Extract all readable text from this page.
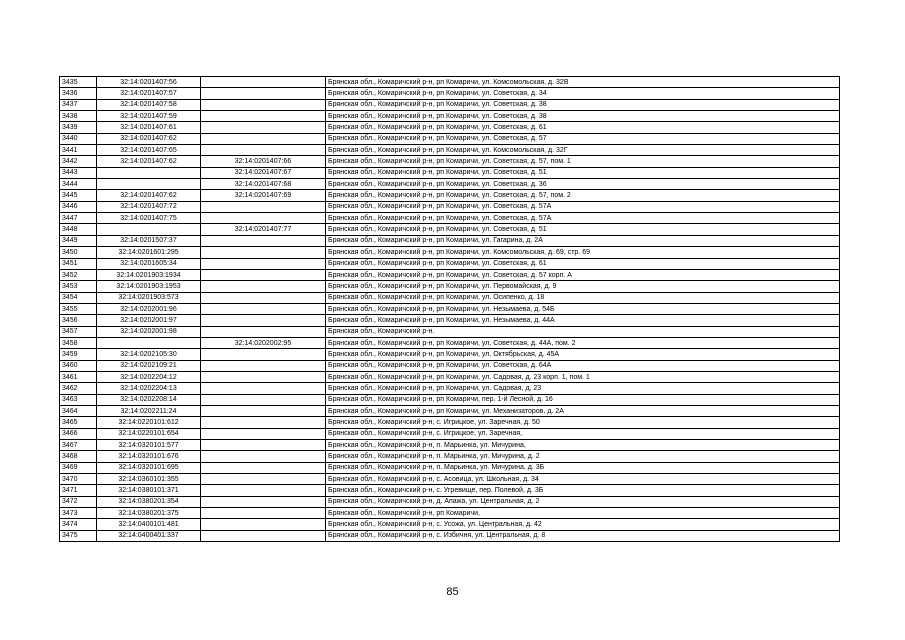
3435	32:14:0201407:56		Брянская обл., Комаричский р-н, рп Комаричи, ул. Комсомольская, д. 32В
3436	32:14:0201407:57		Брянская обл., Комаричский р-н, рп Комаричи, ул. Советская, д. 34
3437	32:14:0201407:58		Брянская обл., Комаричский р-н, рп Комаричи, ул. Советская, д. 38
3438	32:14:0201407:59		Брянская обл., Комаричский р-н, рп Комаричи, ул. Советская, д. 38
3439	32:14:0201407:61		Брянская обл., Комаричский р-н, рп Комаричи, ул. Советская, д. 61
3440	32:14:0201407:62		Брянская обл., Комаричский р-н, рп Комаричи, ул. Советская, д. 57
3441	32:14:0201407:65		Брянская обл., Комаричский р-н, рп Комаричи, ул. Комсомольская, д. 32Г
3442	32:14:0201407:62	32:14:0201407:66	Брянская обл., Комаричский р-н, рп Комаричи, ул. Советская, д. 57, пом. 1
3443		32:14:0201407:67	Брянская обл., Комаричский р-н, рп Комаричи, ул. Советская, д. 51
3444		32:14:0201407:68	Брянская обл., Комаричский р-н, рп Комаричи, ул. Советская, д. 36
3445	32:14:0201407:62	32:14:0201407:69	Брянская обл., Комаричский р-н, рп Комаричи, ул. Советская, д. 57, пом. 2
3446	32:14:0201407:72		Брянская обл., Комаричский р-н, рп Комаричи, ул. Советская, д. 57А
3447	32:14:0201407:75		Брянская обл., Комаричский р-н, рп Комаричи, ул. Советская, д. 57А
3448		32:14:0201407:77	Брянская обл., Комаричский р-н, рп Комаричи, ул. Советская, д. 51
3449	32:14:0201507:37		Брянская обл., Комаричский р-н, рп Комаричи, ул. Гагарина, д. 2А
3450	32:14:0201601:295		Брянская обл., Комаричский р-н, рп Комаричи, ул. Комсомольская, д. 69, стр. 69
3451	32:14:0201605:34		Брянская обл., Комаричский р-н, рп Комаричи, ул. Советская, д. 61
3452	32:14:0201903:1934		Брянская обл., Комаричский р-н, рп Комаричи, ул. Советская, д. 57 корп. А
3453	32:14:0201903:1953		Брянская обл., Комаричский р-н, рп Комаричи, ул. Первомайская, д. 9
3454	32:14:0201903:573		Брянская обл., Комаричский р-н, рп Комаричи, ул. Осипенко, д. 18
3455	32:14:0202001:96		Брянская обл., Комаричский р-н, рп Комаричи, ул. Незымаева, д. 54Б
3456	32:14:0202001:97		Брянская обл., Комаричский р-н, рп Комаричи, ул. Незымаева, д. 44А
3457	32:14:0202001:98		Брянская обл., Комаричский р-н.
3458		32:14:0202002:95	Брянская обл., Комаричский р-н, рп Комаричи, ул. Советская, д. 44А, пом. 2
3459	32:14:0202105:30		Брянская обл., Комаричский р-н, рп Комаричи, ул. Октябрьская, д. 45А
3460	32:14:0202109:21		Брянская обл., Комаричский р-н, рп Комаричи, ул. Советская, д. 64А
3461	32:14:0202204:12		Брянская обл., Комаричский р-н, рп Комаричи, ул. Садовая, д. 23 корп. 1, пом. 1
3462	32:14:0202204:13		Брянская обл., Комаричский р-н, рп Комаричи, ул. Садовая, д. 23
3463	32:14:0202208:14		Брянская обл., Комаричский р-н, рп Комаричи, пер. 1-й Лесной, д. 16
3464	32:14:0202211:24		Брянская обл., Комаричский р-н, рп Комаричи, ул. Механизаторов, д. 2А
3465	32:14:0220101:612		Брянская обл., Комаричский р-н, с. Игрицкое, ул. Заречная, д. 50
3466	32:14:0220101:654		Брянская обл., Комаричский р-н, с. Игрицкое, ул. Заречная,
3467	32:14:0320101:577		Брянская обл., Комаричский р-н, п. Марьинка, ул. Мичурина,
3468	32:14:0320101:676		Брянская обл., Комаричский р-н, п. Марьинка, ул. Мичурина, д. 2
3469	32:14:0320101:695		Брянская обл., Комаричский р-н, п. Марьинка, ул. Мичурина, д. 3Б
3470	32:14:0360101:355		Брянская обл., Комаричский р-н, с. Асовица, ул. Школьная, д. 34
3471	32:14:0380101:371		Брянская обл., Комаричский р-н, с. Угревище, пер. Полевой, д. 3Б
3472	32:14:0380201:354		Брянская обл., Комаричский р-н, д. Апажа, ул. Центральная, д. 2
3473	32:14:0380201:375		Брянская обл., Комаричский р-н, рп Комаричи,
3474	32:14:0400101:481		Брянская обл., Комаричский р-н, с. Усожа, ул. Центральная, д. 42
3475	32:14:0400401:337		Брянская обл., Комаричский р-н, с. Избичня, ул. Центральная, д. 8
85
